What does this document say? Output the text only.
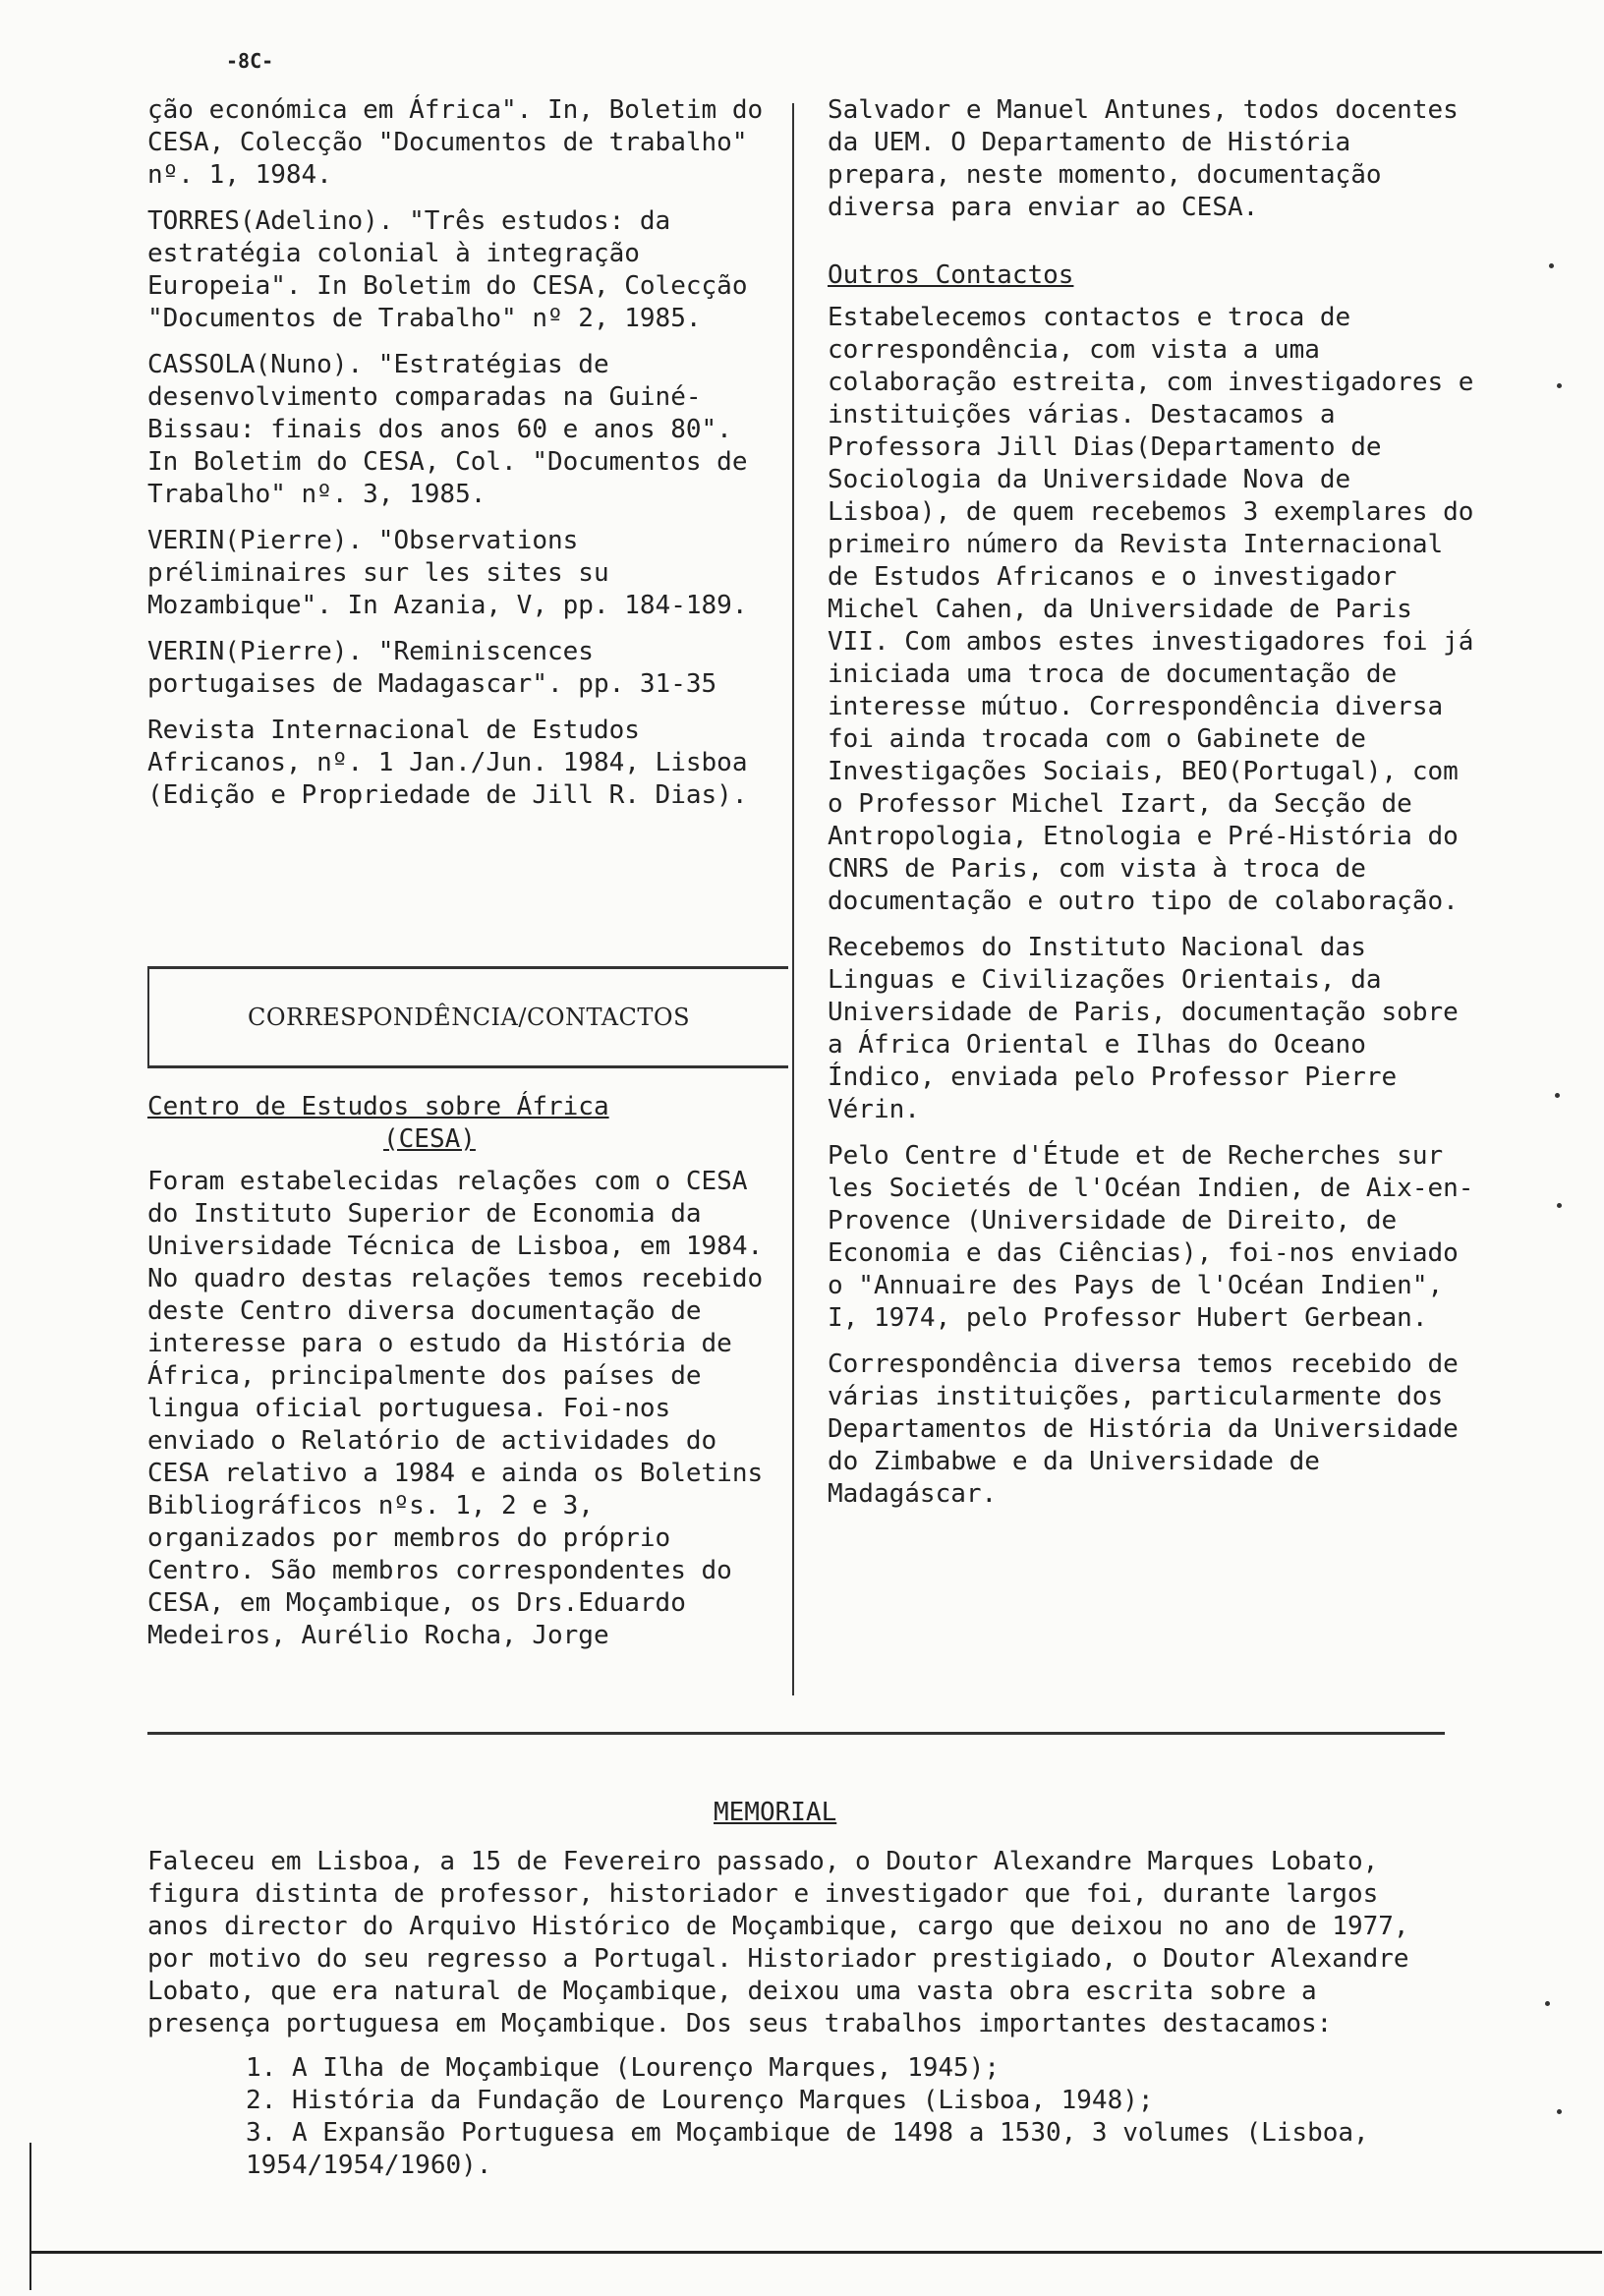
-8C-

ção económica em África". In, Boletim do CESA, Colecção "Documentos de trabalho" nº. 1, 1984.

TORRES(Adelino). "Três estudos: da estratégia colonial à integração Europeia". In Boletim do CESA, Colecção "Documentos de Trabalho" nº 2, 1985.

CASSOLA(Nuno). "Estratégias de desenvolvimento comparadas na Guiné-Bissau: finais dos anos 60 e anos 80". In Boletim do CESA, Col. "Documentos de Trabalho" nº. 3, 1985.

VERIN(Pierre). "Observations préliminaires sur les sites su Mozambique". In Azania, V, pp. 184-189.

VERIN(Pierre). "Reminiscences portugaises de Madagascar". pp. 31-35

Revista Internacional de Estudos Africanos, nº. 1 Jan./Jun. 1984, Lisboa (Edição e Propriedade de Jill R. Dias).

CORRESPONDÊNCIA/CONTACTOS
Centro de Estudos sobre África
(CESA)

Foram estabelecidas relações com o CESA do Instituto Superior de Economia da Universidade Técnica de Lisboa, em 1984. No quadro destas relações temos recebido deste Centro diversa documentação de interesse para o estudo da História de África, principalmente dos países de lingua oficial portuguesa. Foi-nos enviado o Relatório de actividades do CESA relativo a 1984 e ainda os Boletins Bibliográficos nºs. 1, 2 e 3, organizados por membros do próprio Centro. São membros correspondentes do CESA, em Moçambique, os Drs.Eduardo Medeiros, Aurélio Rocha, Jorge

Salvador e Manuel Antunes, todos docentes da UEM. O Departamento de História prepara, neste momento, documentação diversa para enviar ao CESA.

Outros Contactos

Estabelecemos contactos e troca de correspondência, com vista a uma colaboração estreita, com investigadores e instituições várias. Destacamos a Professora Jill Dias(Departamento de Sociologia da Universidade Nova de Lisboa), de quem recebemos 3 exemplares do primeiro número da Revista Internacional de Estudos Africanos e o investigador Michel Cahen, da Universidade de Paris VII. Com ambos estes investigadores foi já iniciada uma troca de documentação de interesse mútuo. Correspondência diversa foi ainda trocada com o Gabinete de Investigações Sociais, BEO(Portugal), com o Professor Michel Izart, da Secção de Antropologia, Etnologia e Pré-História do CNRS de Paris, com vista à troca de documentação e outro tipo de colaboração.

Recebemos do Instituto Nacional das Linguas e Civilizações Orientais, da Universidade de Paris, documentação sobre a África Oriental e Ilhas do Oceano Índico, enviada pelo Professor Pierre Vérin.

Pelo Centre d'Étude et de Recherches sur les Societés de l'Océan Indien, de Aix-en-Provence (Universidade de Direito, de Economia e das Ciências), foi-nos enviado o "Annuaire des Pays de l'Océan Indien", I, 1974, pelo Professor Hubert Gerbean.

Correspondência diversa temos recebido de várias instituições, particularmente dos Departamentos de História da Universidade do Zimbabwe e da Universidade de Madagáscar.

MEMORIAL

Faleceu em Lisboa, a 15 de Fevereiro passado, o Doutor Alexandre Marques Lobato, figura distinta de professor, historiador e investigador que foi, durante largos anos director do Arquivo Histórico de Moçambique, cargo que deixou no ano de 1977, por motivo do seu regresso a Portugal. Historiador prestigiado, o Doutor Alexandre Lobato, que era natural de Moçambique, deixou uma vasta obra escrita sobre a presença portuguesa em Moçambique. Dos seus trabalhos importantes destacamos:

1. A Ilha de Moçambique (Lourenço Marques, 1945);
2. História da Fundação de Lourenço Marques (Lisboa, 1948);
3. A Expansão Portuguesa em Moçambique de 1498 a 1530, 3 volumes (Lisboa, 1954/1954/1960).
